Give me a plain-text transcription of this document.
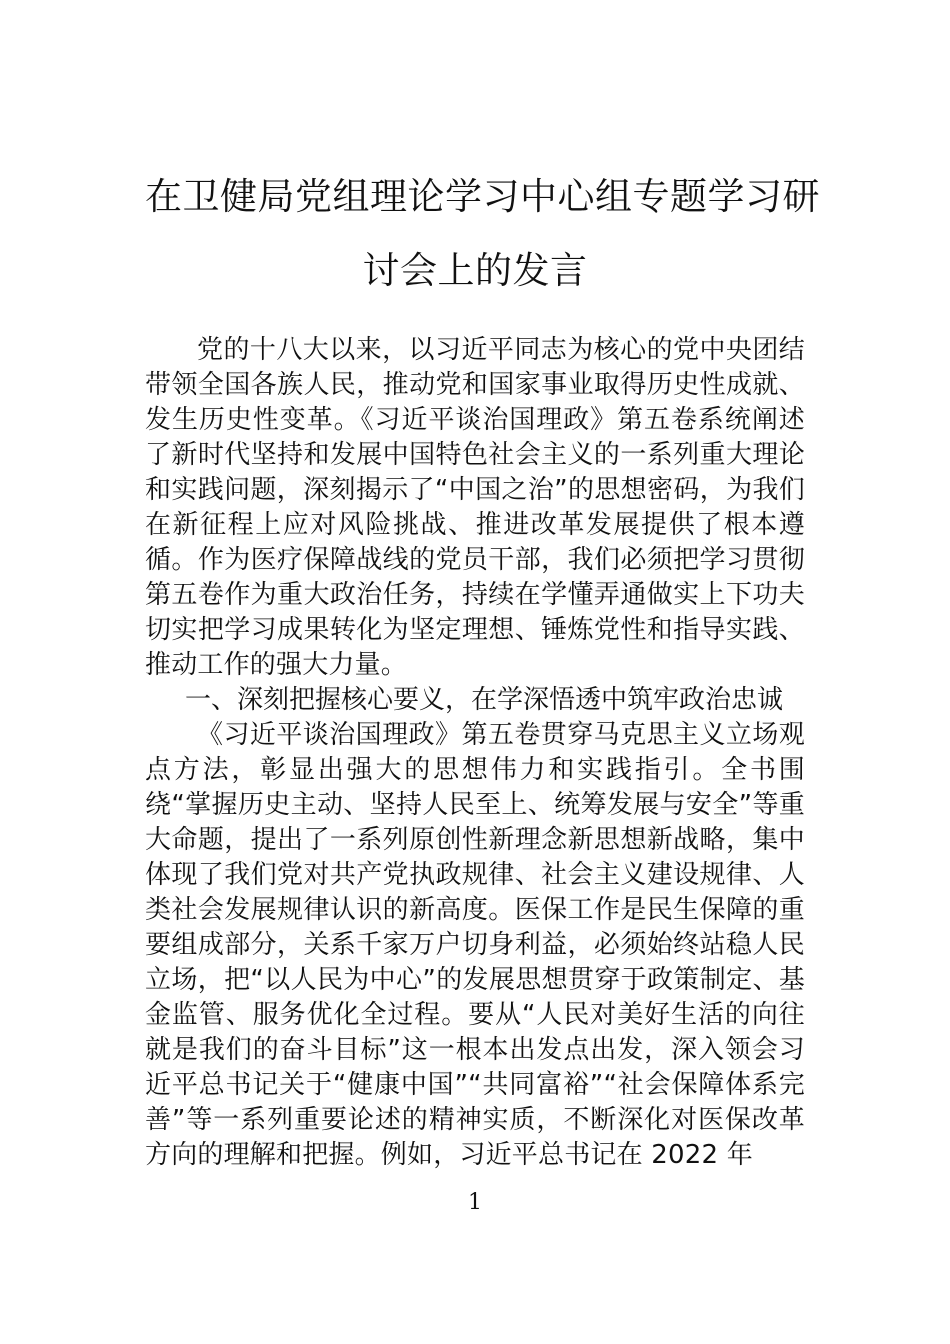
在卫健局党组理论学习中心组专题学习研
讨会上的发言

党的十八大以来，以习近平同志为核心的党中央团结带领全国各族人民，推动党和国家事业取得历史性成就、发生历史性变革。《习近平谈治国理政》第五卷系统阐述了新时代坚持和发展中国特色社会主义的一系列重大理论和实践问题，深刻揭示了“中国之治”的思想密码，为我们在新征程上应对风险挑战、推进改革发展提供了根本遵循。作为医疗保障战线的党员干部，我们必须把学习贯彻第五卷作为重大政治任务，持续在学懂弄通做实上下功夫切实把学习成果转化为坚定理想、锤炼党性和指导实践、推动工作的强大力量。

一、深刻把握核心要义，在学深悟透中筑牢政治忠诚

《习近平谈治国理政》第五卷贯穿马克思主义立场观点方法，彰显出强大的思想伟力和实践指引。全书围绕“掌握历史主动、坚持人民至上、统筹发展与安全”等重大命题，提出了一系列原创性新理念新思想新战略，集中体现了我们党对共产党执政规律、社会主义建设规律、人类社会发展规律认识的新高度。医保工作是民生保障的重要组成部分，关系千家万户切身利益，必须始终站稳人民立场，把“以人民为中心”的发展思想贯穿于政策制定、基金监管、服务优化全过程。要从“人民对美好生活的向往就是我们的奋斗目标”这一根本出发点出发，深入领会习近平总书记关于“健康中国”“共同富裕”“社会保障体系完善”等一系列重要论述的精神实质，不断深化对医保改革方向的理解和把握。例如，习近平总书记在 2022 年

1
